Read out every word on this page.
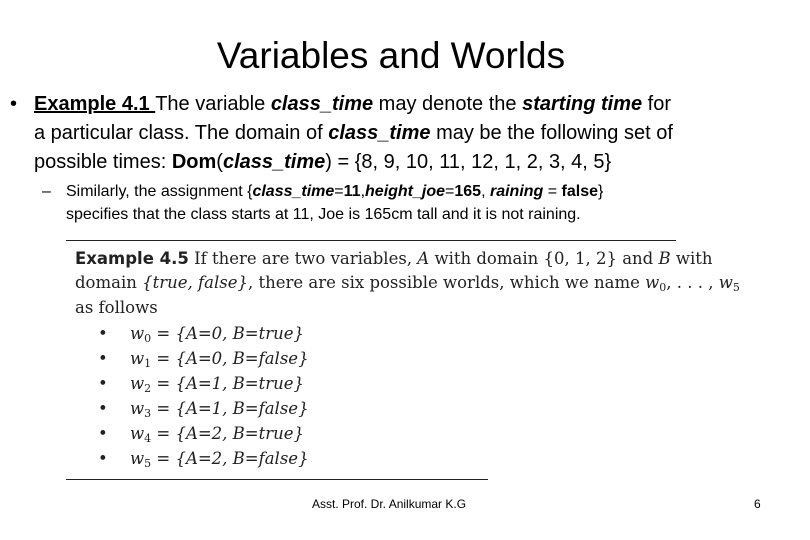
Variables and Worlds
• Example 4.1 The variable class_time may denote the starting time for
a particular class. The domain of class_time may be the following set of
possible times: Dom(class_time) = {8, 9, 10, 11, 12, 1, 2, 3, 4, 5}
– Similarly, the assignment {class_time=11,height_joe=165, raining = false}
specifies that the class starts at 11, Joe is 165cm tall and it is not raining.
Example 4.5 If there are two variables, A with domain {0, 1, 2} and B with
domain {true, false}, there are six possible worlds, which we name $w_0$, . . . , $w_5$
as follows
• $w_0 = \{A=0$, B=true}
• $w_1 = \{A=0$, B=false}
• $w_2 = \{A=1$, B=true}
• $w_3 = \{A=1$, B=false}
• $w_4 = \{A=2$, B=true}
• $w_5 = \{A=2$, B=false}
Asst. Prof. Dr. Anilkumar K.G	6
